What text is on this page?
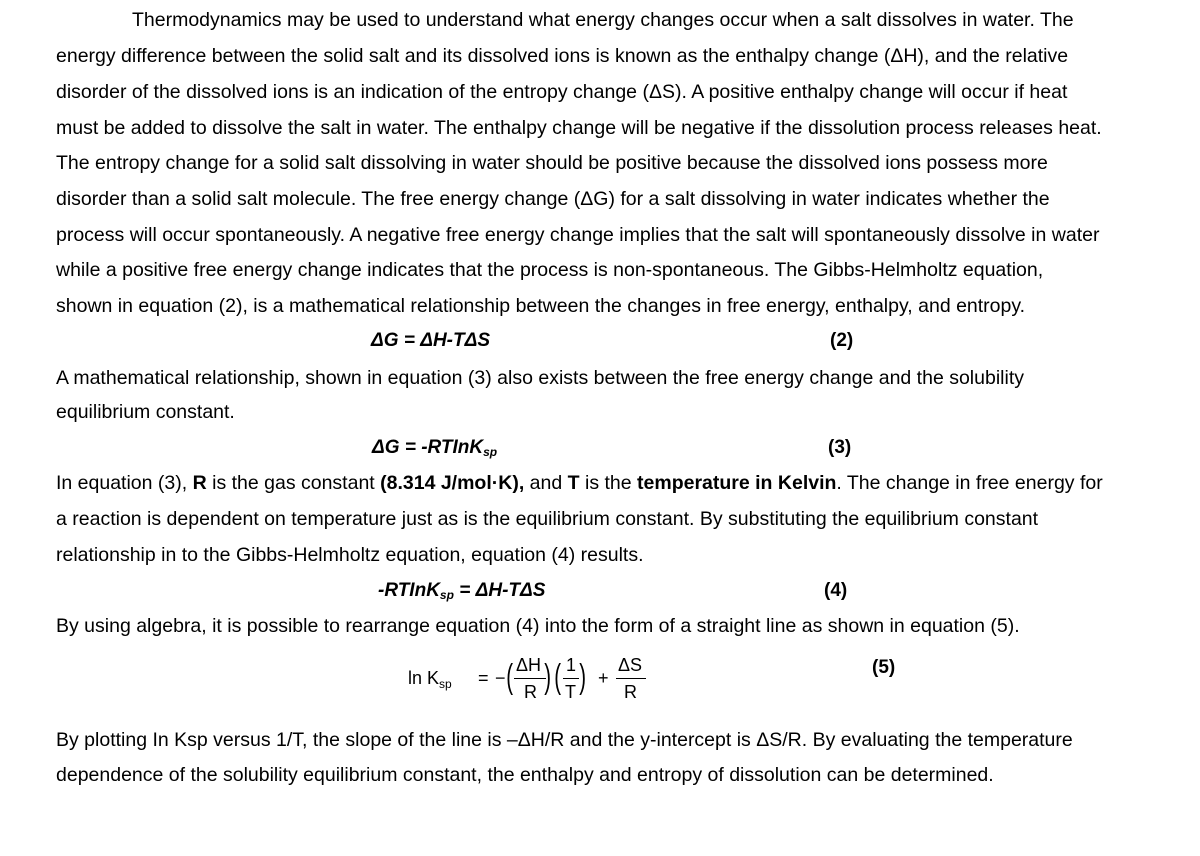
Thermodynamics may be used to understand what energy changes occur when a salt dissolves in water. The
energy difference between the solid salt and its dissolved ions is known as the enthalpy change (ΔH), and the relative
disorder of the dissolved ions is an indication of the entropy change (ΔS). A positive enthalpy change will occur if heat
must be added to dissolve the salt in water. The enthalpy change will be negative if the dissolution process releases heat.
The entropy change for a solid salt dissolving in water should be positive because the dissolved ions possess more
disorder than a solid salt molecule. The free energy change (ΔG) for a salt dissolving in water indicates whether the
process will occur spontaneously. A negative free energy change implies that the salt will spontaneously dissolve in water
while a positive free energy change indicates that the process is non-spontaneous. The Gibbs-Helmholtz equation,
shown in equation (2), is a mathematical relationship between the changes in free energy, enthalpy, and entropy.
ΔG = ΔH-TΔS	(2)
A mathematical relationship, shown in equation (3) also exists between the free energy change and the solubility
equilibrium constant.
ΔG = -RTInK$_{sp}$	(3)
In equation (3), R is the gas constant (8.314 J/mol·K), and T is the temperature in Kelvin. The change in free energy for
a reaction is dependent on temperature just as is the equilibrium constant. By substituting the equilibrium constant
relationship in to the Gibbs-Helmholtz equation, equation (4) results.
-RTInK$_{sp}$ = ΔH-TΔS	(4)
By using algebra, it is possible to rearrange equation (4) into the form of a straight line as shown in equation (5).
$\ln K_{sp}$ = − ( ΔH
R ) ( 1
T ) +
ΔS
R
(5)
By plotting In Ksp versus 1/T, the slope of the line is –ΔH/R and the y-intercept is ΔS/R. By evaluating the temperature
dependence of the solubility equilibrium constant, the enthalpy and entropy of dissolution can be determined.
